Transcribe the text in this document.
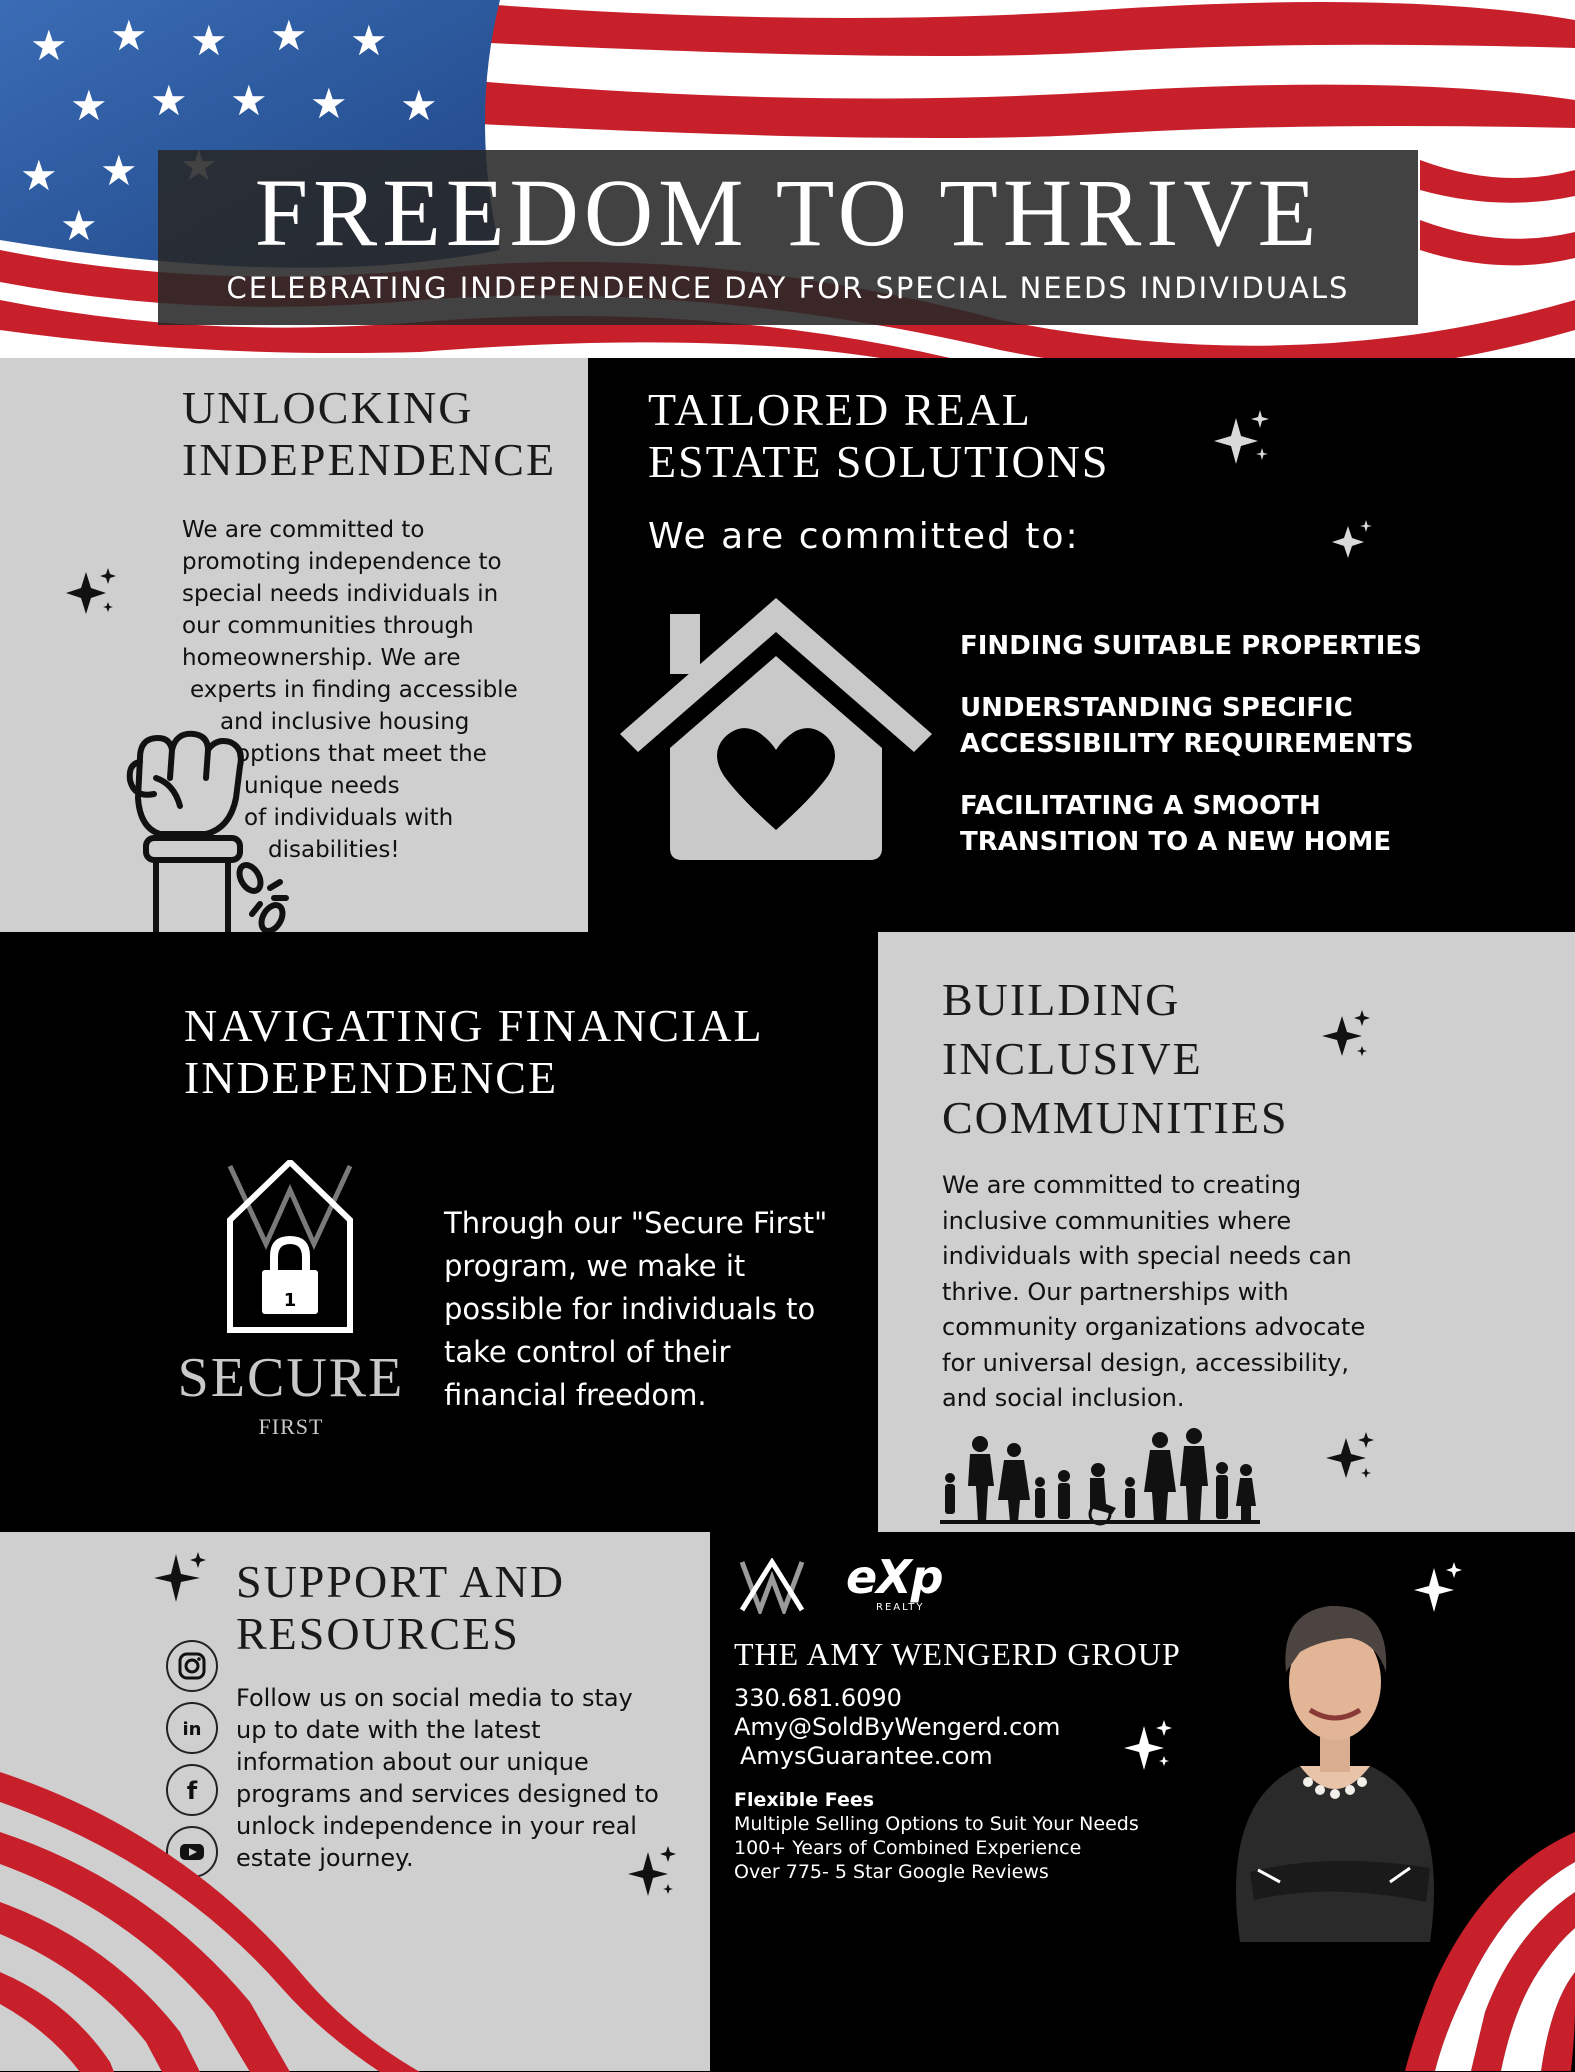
★ ★ ★ ★ ★
★ ★ ★ ★ ★
★ ★
★	FREEDOM TO THRIVE
CELEBRATING INDEPENDENCE DAY FOR SPECIAL NEEDS INDIVIDUALS
UNLOCKING
INDEPENDENCE
We are committed to
promoting independence to
special needs individuals in
our communities through
homeownership. We are
experts in finding accessible
and inclusive housing
options that meet the
unique needs
of individuals with
disabilities!
TAILORED REAL
ESTATE SOLUTIONS
We are committed to:
FINDING SUITABLE PROPERTIES
UNDERSTANDING SPECIFIC
ACCESSIBILITY REQUIREMENTS
FACILITATING A SMOOTH
TRANSITION TO A NEW HOME
NAVIGATING FINANCIAL
INDEPENDENCE
1
SECURE
FIRST
Through our "Secure First"
program, we make it
possible for individuals to
take control of their
financial freedom.
BUILDING
INCLUSIVE
COMMUNITIES
We are committed to creating
inclusive communities where
individuals with special needs can
thrive. Our partnerships with
community organizations advocate
for universal design, accessibility,
and social inclusion.
SUPPORT AND
RESOURCES
in
f
Follow us on social media to stay
up to date with the latest
information about our unique
programs and services designed to
unlock independence in your real
estate journey.
eXp
REALTY
THE AMY WENGERD GROUP
330.681.6090
Amy@SoldByWengerd.com
AmysGuarantee.com
Flexible Fees
Multiple Selling Options to Suit Your Needs
100+ Years of Combined Experience
Over 775- 5 Star Google Reviews
